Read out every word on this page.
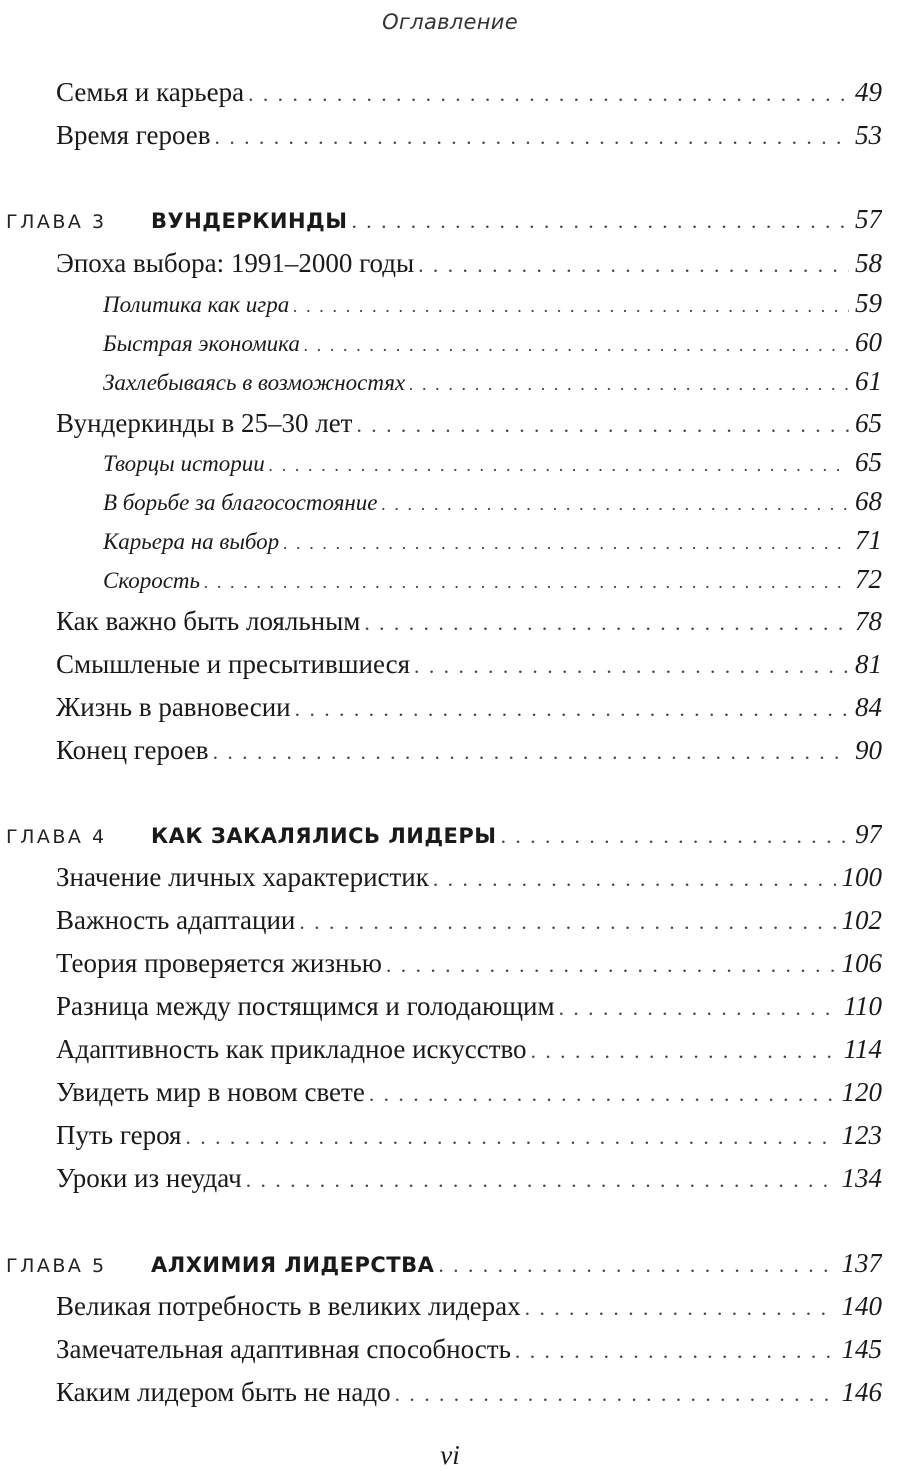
Оглавление
Семья и карьера . . .	49
Время героев . . .	53
ГЛАВА 3	ВУНДЕРКИНДЫ . . .	57
Эпоха выбора: 1991–2000 годы . . .	58
Политика как игра . . .	59
Быстрая экономика . . .	60
Захлебываясь в возможностях . . .	61
Вундеркинды в 25–30 лет . . .	65
Творцы истории . . .	65
В борьбе за благосостояние . . .	68
Карьера на выбор . . .	71
Скорость . . .	72
Как важно быть лояльным . . .	78
Смышленые и пресытившиеся . . .	81
Жизнь в равновесии . . .	84
Конец героев . . .	90
ГЛАВА 4	КАК ЗАКАЛЯЛИСЬ ЛИДЕРЫ . . .	97
Значение личных характеристик . . .	100
Важность адаптации . . .	102
Теория проверяется жизнью . . .	106
Разница между постящимся и голодающим . . .	110
Адаптивность как прикладное искусство . . .	114
Увидеть мир в новом свете . . .	120
Путь героя . . .	123
Уроки из неудач . . .	134
ГЛАВА 5	АЛХИМИЯ ЛИДЕРСТВА . . .	137
Великая потребность в великих лидерах . . .	140
Замечательная адаптивная способность . . .	145
Каким лидером быть не надо . . .	146
vi
